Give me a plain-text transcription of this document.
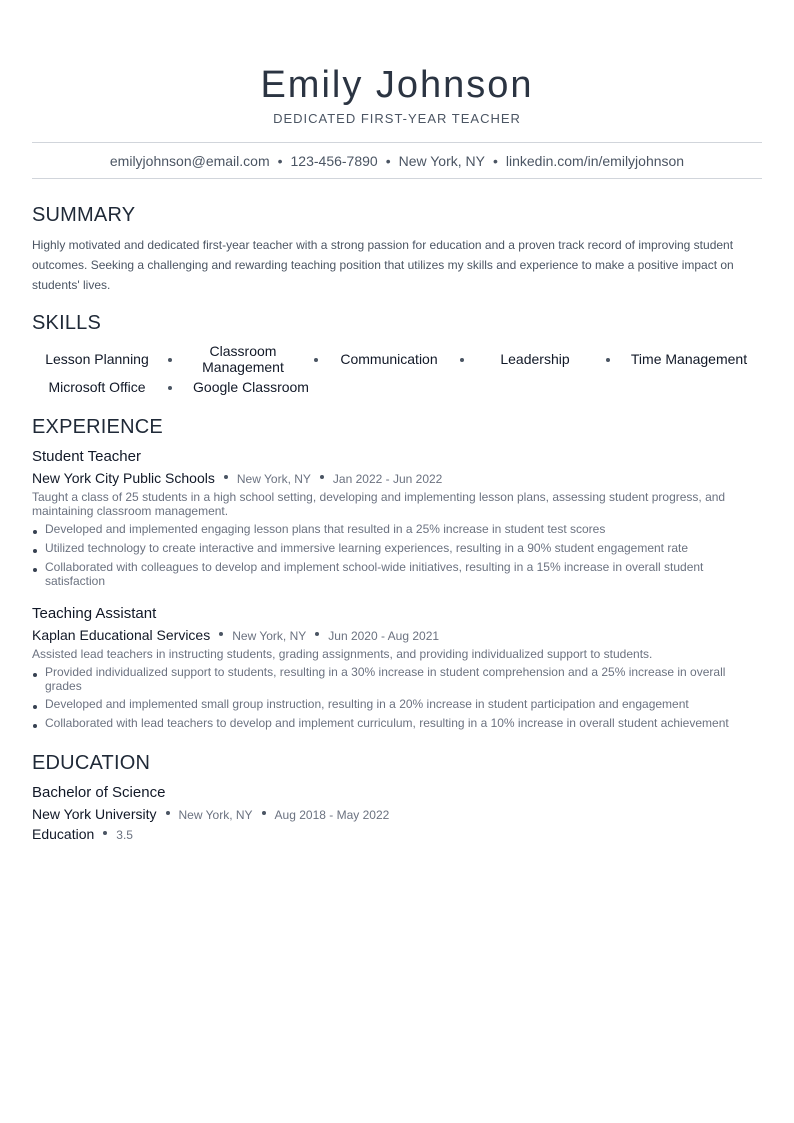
Emily Johnson
DEDICATED FIRST-YEAR TEACHER
emilyjohnson@email.com • 123-456-7890 • New York, NY • linkedin.com/in/emilyjohnson
SUMMARY
Highly motivated and dedicated first-year teacher with a strong passion for education and a proven track record of improving student outcomes. Seeking a challenging and rewarding teaching position that utilizes my skills and experience to make a positive impact on students' lives.
SKILLS
Lesson Planning	Classroom Management	Communication	Leadership	Time Management
Microsoft Office	Google Classroom
EXPERIENCE
Student Teacher
New York City Public Schools New York, NY Jan 2022 - Jun 2022
Taught a class of 25 students in a high school setting, developing and implementing lesson plans, assessing student progress, and maintaining classroom management.
Developed and implemented engaging lesson plans that resulted in a 25% increase in student test scores
Utilized technology to create interactive and immersive learning experiences, resulting in a 90% student engagement rate
Collaborated with colleagues to develop and implement school-wide initiatives, resulting in a 15% increase in overall student satisfaction
Teaching Assistant
Kaplan Educational Services New York, NY Jun 2020 - Aug 2021
Assisted lead teachers in instructing students, grading assignments, and providing individualized support to students.
Provided individualized support to students, resulting in a 30% increase in student comprehension and a 25% increase in overall grades
Developed and implemented small group instruction, resulting in a 20% increase in student participation and engagement
Collaborated with lead teachers to develop and implement curriculum, resulting in a 10% increase in overall student achievement
EDUCATION
Bachelor of Science
New York University New York, NY Aug 2018 - May 2022
Education 3.5
